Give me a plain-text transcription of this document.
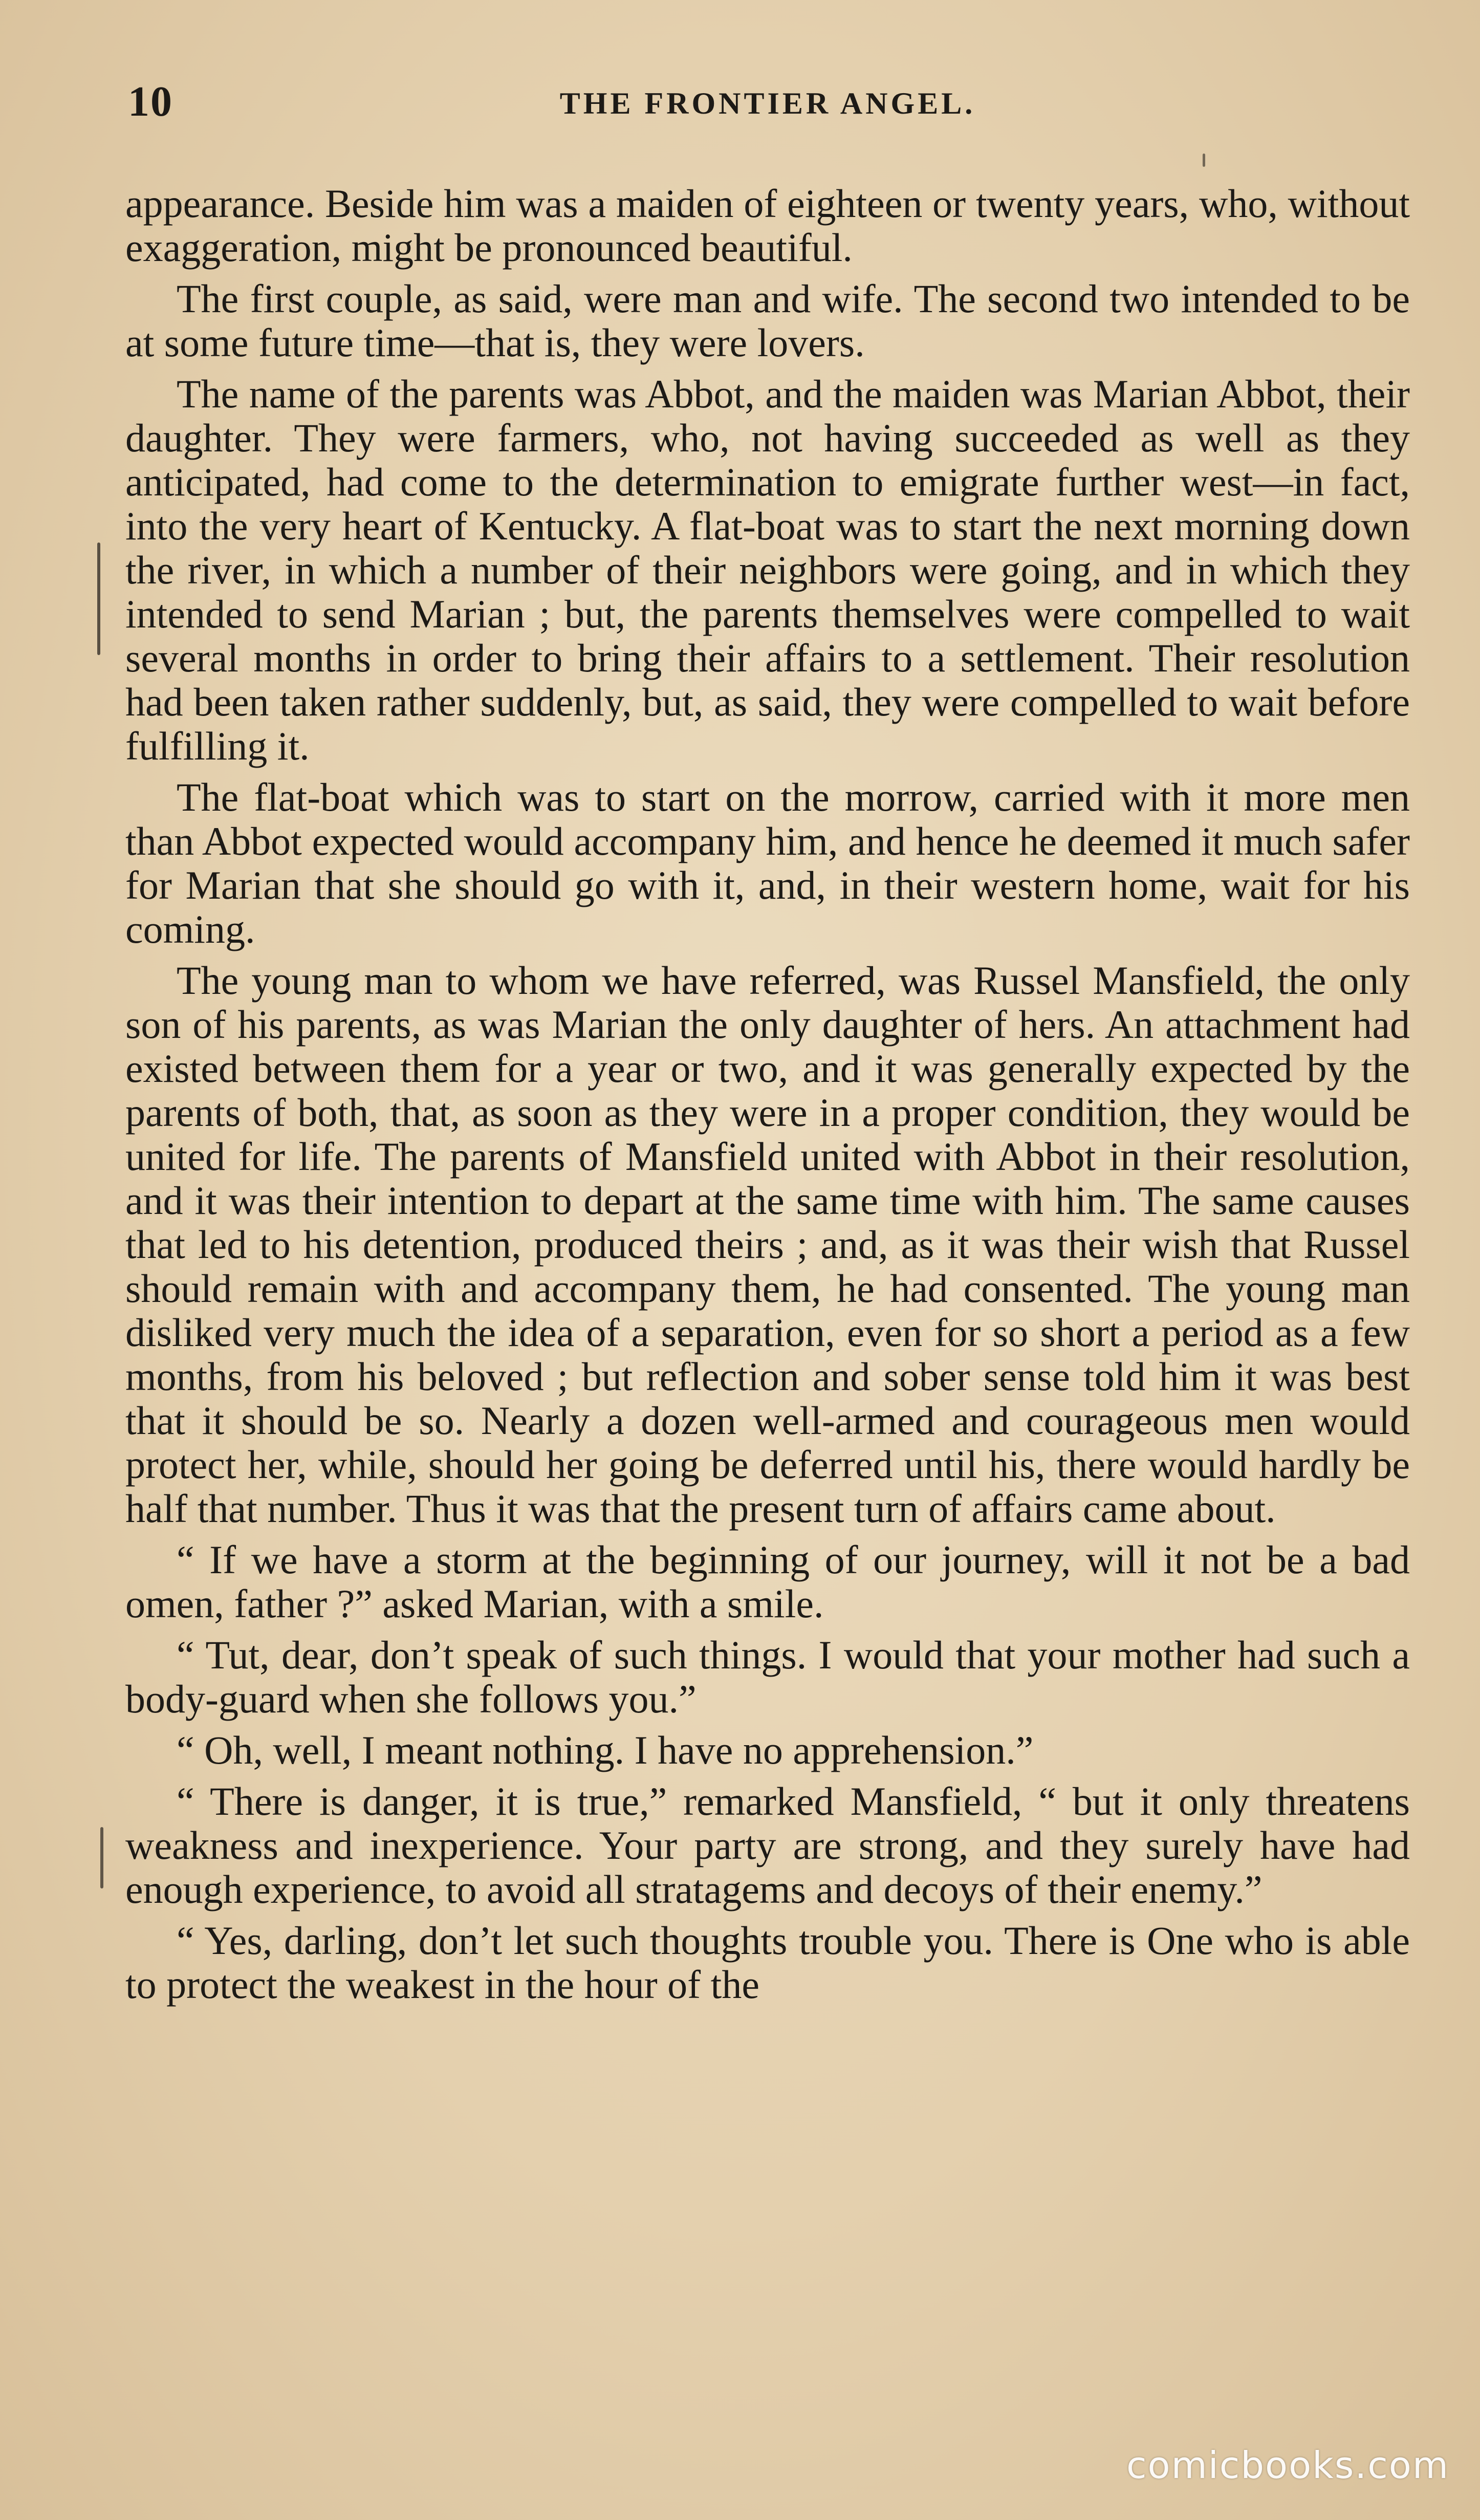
10	THE FRONTIER ANGEL.

appearance. Beside him was a maiden of eighteen or twenty years, who, without exaggeration, might be pronounced beautiful.

The first couple, as said, were man and wife. The second two intended to be at some future time—that is, they were lovers.

The name of the parents was Abbot, and the maiden was Marian Abbot, their daughter. They were farmers, who, not having succeeded as well as they anticipated, had come to the determination to emigrate further west—in fact, into the very heart of Kentucky. A flat-boat was to start the next morning down the river, in which a number of their neighbors were going, and in which they intended to send Marian ; but, the parents themselves were compelled to wait several months in order to bring their affairs to a settlement. Their resolution had been taken rather suddenly, but, as said, they were compelled to wait before fulfilling it.

The flat-boat which was to start on the morrow, carried with it more men than Abbot expected would accompany him, and hence he deemed it much safer for Marian that she should go with it, and, in their western home, wait for his coming.

The young man to whom we have referred, was Russel Mansfield, the only son of his parents, as was Marian the only daughter of hers. An attachment had existed between them for a year or two, and it was generally expected by the parents of both, that, as soon as they were in a proper condition, they would be united for life. The parents of Mansfield united with Abbot in their resolution, and it was their intention to depart at the same time with him. The same causes that led to his detention, produced theirs ; and, as it was their wish that Russel should remain with and accompany them, he had consented. The young man disliked very much the idea of a separation, even for so short a period as a few months, from his beloved ; but reflection and sober sense told him it was best that it should be so. Nearly a dozen well-armed and courageous men would protect her, while, should her going be deferred until his, there would hardly be half that number. Thus it was that the present turn of affairs came about.

“ If we have a storm at the beginning of our journey, will it not be a bad omen, father ?” asked Marian, with a smile.

“ Tut, dear, don’t speak of such things. I would that your mother had such a body-guard when she follows you.”

“ Oh, well, I meant nothing. I have no apprehension.”

“ There is danger, it is true,” remarked Mansfield, “ but it only threatens weakness and inexperience. Your party are strong, and they surely have had enough experience, to avoid all stratagems and decoys of their enemy.”

“ Yes, darling, don’t let such thoughts trouble you. There is One who is able to protect the weakest in the hour of the

comicbooks.com
